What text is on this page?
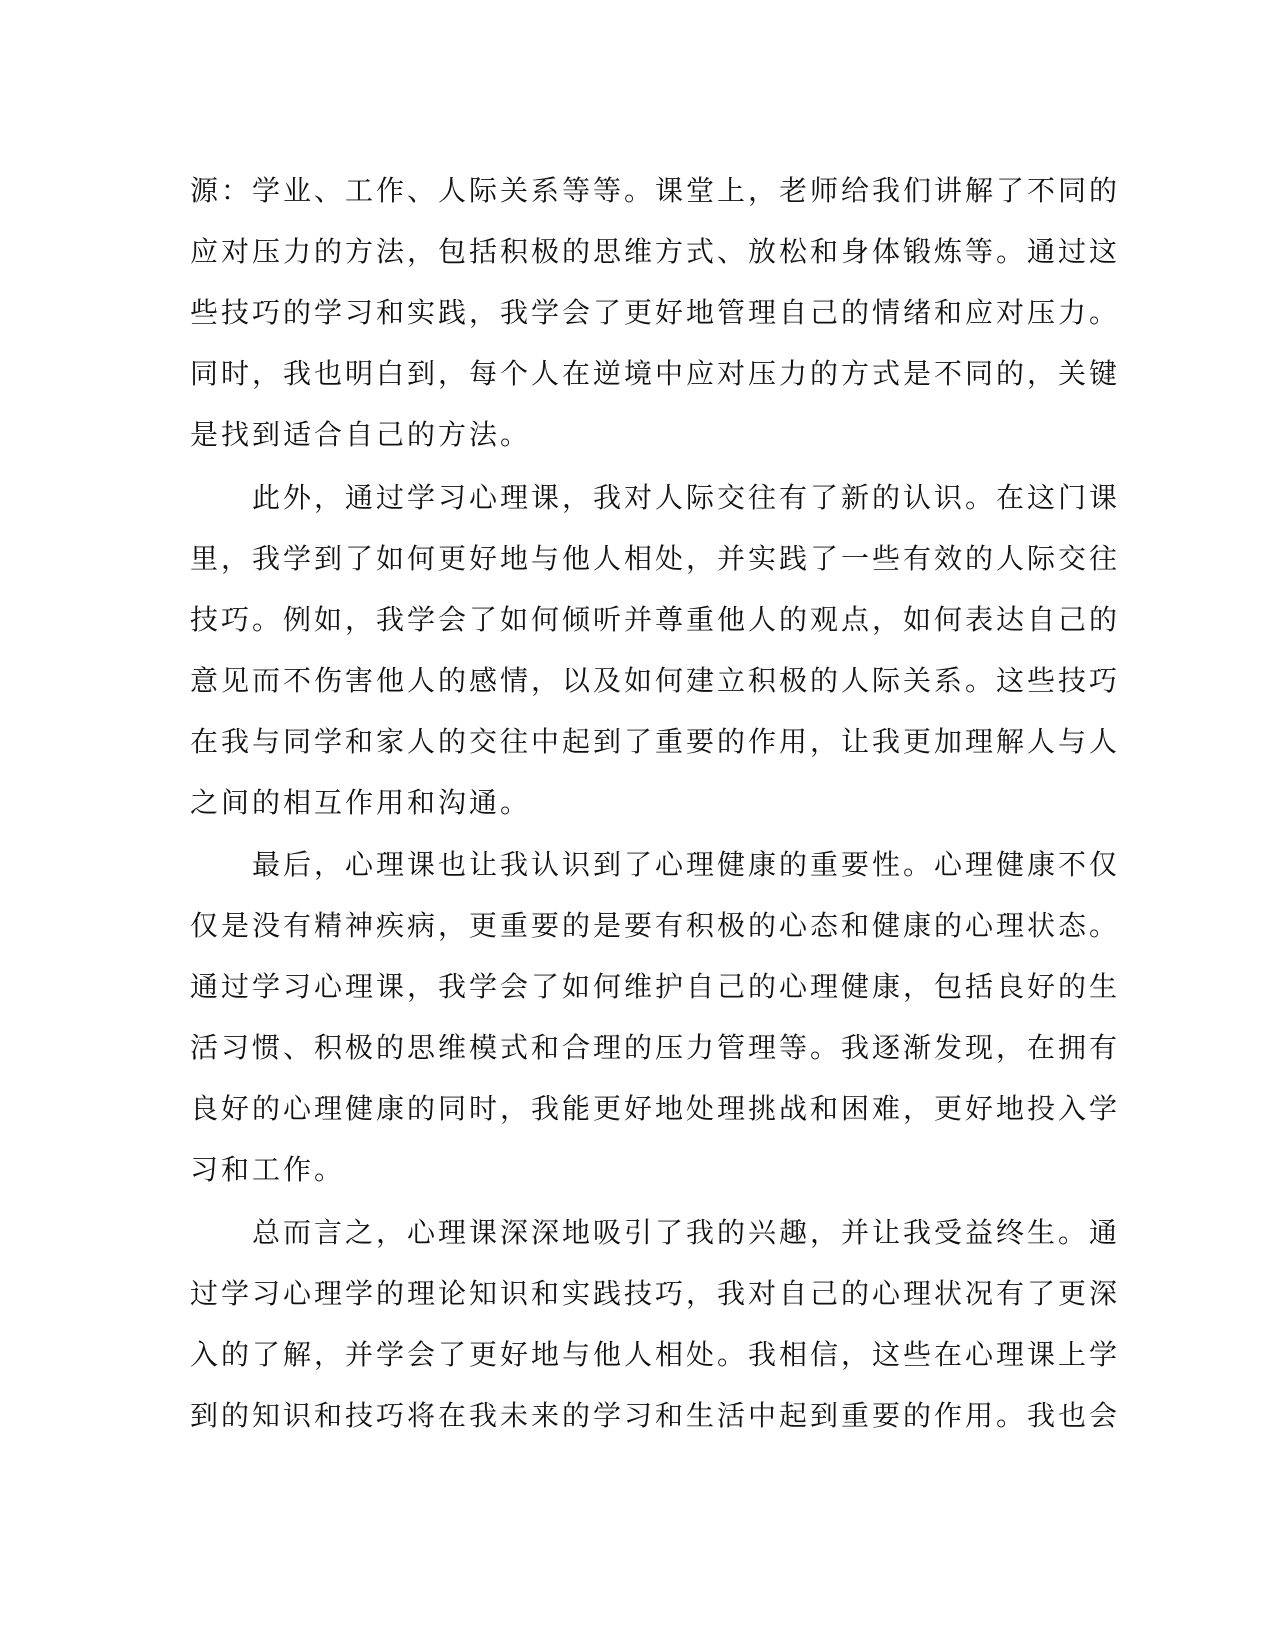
源：学业、工作、人际关系等等。课堂上，老师给我们讲解了不同的
应对压力的方法，包括积极的思维方式、放松和身体锻炼等。通过这
些技巧的学习和实践，我学会了更好地管理自己的情绪和应对压力。
同时，我也明白到，每个人在逆境中应对压力的方式是不同的，关键
是找到适合自己的方法。
此外，通过学习心理课，我对人际交往有了新的认识。在这门课
里，我学到了如何更好地与他人相处，并实践了一些有效的人际交往
技巧。例如，我学会了如何倾听并尊重他人的观点，如何表达自己的
意见而不伤害他人的感情，以及如何建立积极的人际关系。这些技巧
在我与同学和家人的交往中起到了重要的作用，让我更加理解人与人
之间的相互作用和沟通。
最后，心理课也让我认识到了心理健康的重要性。心理健康不仅
仅是没有精神疾病，更重要的是要有积极的心态和健康的心理状态。
通过学习心理课，我学会了如何维护自己的心理健康，包括良好的生
活习惯、积极的思维模式和合理的压力管理等。我逐渐发现，在拥有
良好的心理健康的同时，我能更好地处理挑战和困难，更好地投入学
习和工作。
总而言之，心理课深深地吸引了我的兴趣，并让我受益终生。通
过学习心理学的理论知识和实践技巧，我对自己的心理状况有了更深
入的了解，并学会了更好地与他人相处。我相信，这些在心理课上学
到的知识和技巧将在我未来的学习和生活中起到重要的作用。我也会
